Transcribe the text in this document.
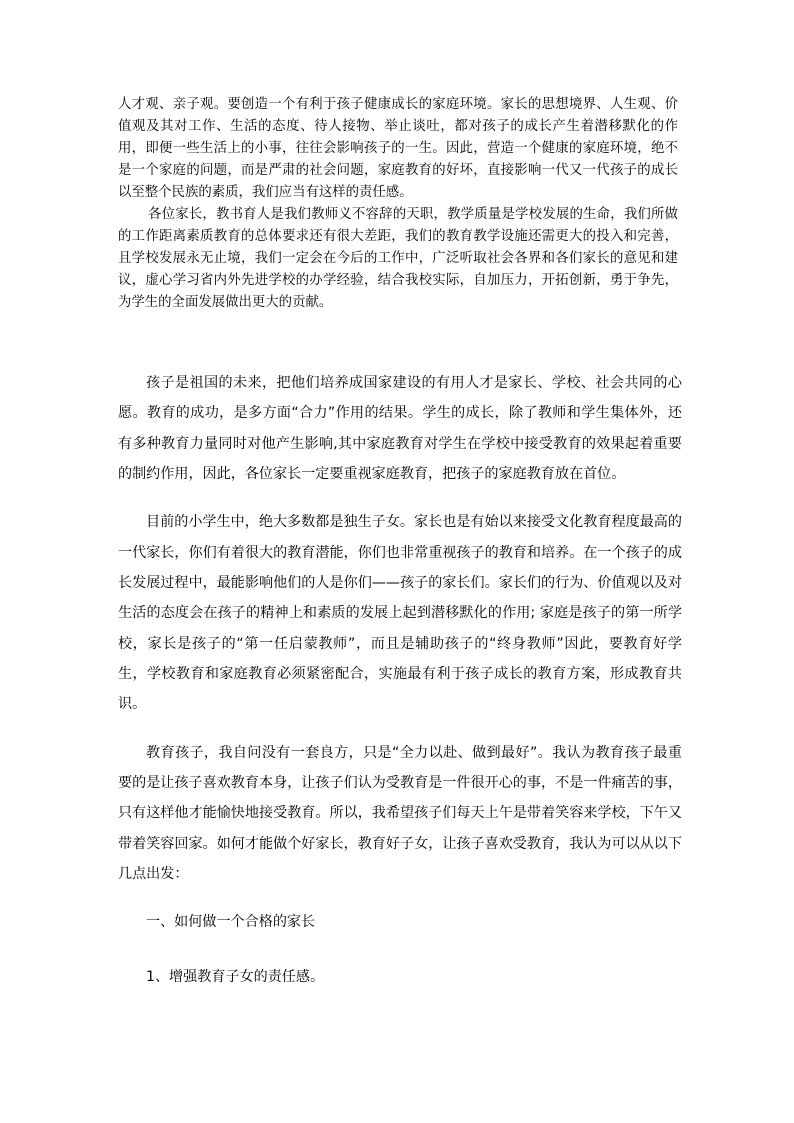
人才观、亲子观。要创造一个有利于孩子健康成长的家庭环境。家长的思想境界、人生观、价值观及其对工作、生活的态度、待人接物、举止谈吐，都对孩子的成长产生着潜移默化的作用，即便一些生活上的小事，往往会影响孩子的一生。因此，营造一个健康的家庭环境，绝不是一个家庭的问题，而是严肃的社会问题，家庭教育的好坏，直接影响一代又一代孩子的成长以至整个民族的素质，我们应当有这样的责任感。

各位家长，教书育人是我们教师义不容辞的天职，教学质量是学校发展的生命，我们所做的工作距离素质教育的总体要求还有很大差距，我们的教育教学设施还需更大的投入和完善，且学校发展永无止境，我们一定会在今后的工作中，广泛听取社会各界和各们家长的意见和建议，虚心学习省内外先进学校的办学经验，结合我校实际，自加压力，开拓创新，勇于争先，为学生的全面发展做出更大的贡献。

孩子是祖国的未来，把他们培养成国家建设的有用人才是家长、学校、社会共同的心愿。教育的成功，是多方面“合力”作用的结果。学生的成长，除了教师和学生集体外，还有多种教育力量同时对他产生影响,其中家庭教育对学生在学校中接受教育的效果起着重要的制约作用，因此，各位家长一定要重视家庭教育，把孩子的家庭教育放在首位。

目前的小学生中，绝大多数都是独生子女。家长也是有始以来接受文化教育程度最高的一代家长，你们有着很大的教育潜能，你们也非常重视孩子的教育和培养。在一个孩子的成长发展过程中，最能影响他们的人是你们——孩子的家长们。家长们的行为、价值观以及对生活的态度会在孩子的精神上和素质的发展上起到潜移默化的作用; 家庭是孩子的第一所学校，家长是孩子的“第一任启蒙教师”，而且是辅助孩子的“终身教师”因此，要教育好学生，学校教育和家庭教育必须紧密配合，实施最有利于孩子成长的教育方案，形成教育共识。

教育孩子，我自问没有一套良方，只是“全力以赴、做到最好”。我认为教育孩子最重要的是让孩子喜欢教育本身，让孩子们认为受教育是一件很开心的事，不是一件痛苦的事，只有这样他才能愉快地接受教育。所以，我希望孩子们每天上午是带着笑容来学校，下午又带着笑容回家。如何才能做个好家长，教育好子女，让孩子喜欢受教育，我认为可以从以下几点出发：

一、如何做一个合格的家长

1、增强教育子女的责任感。
